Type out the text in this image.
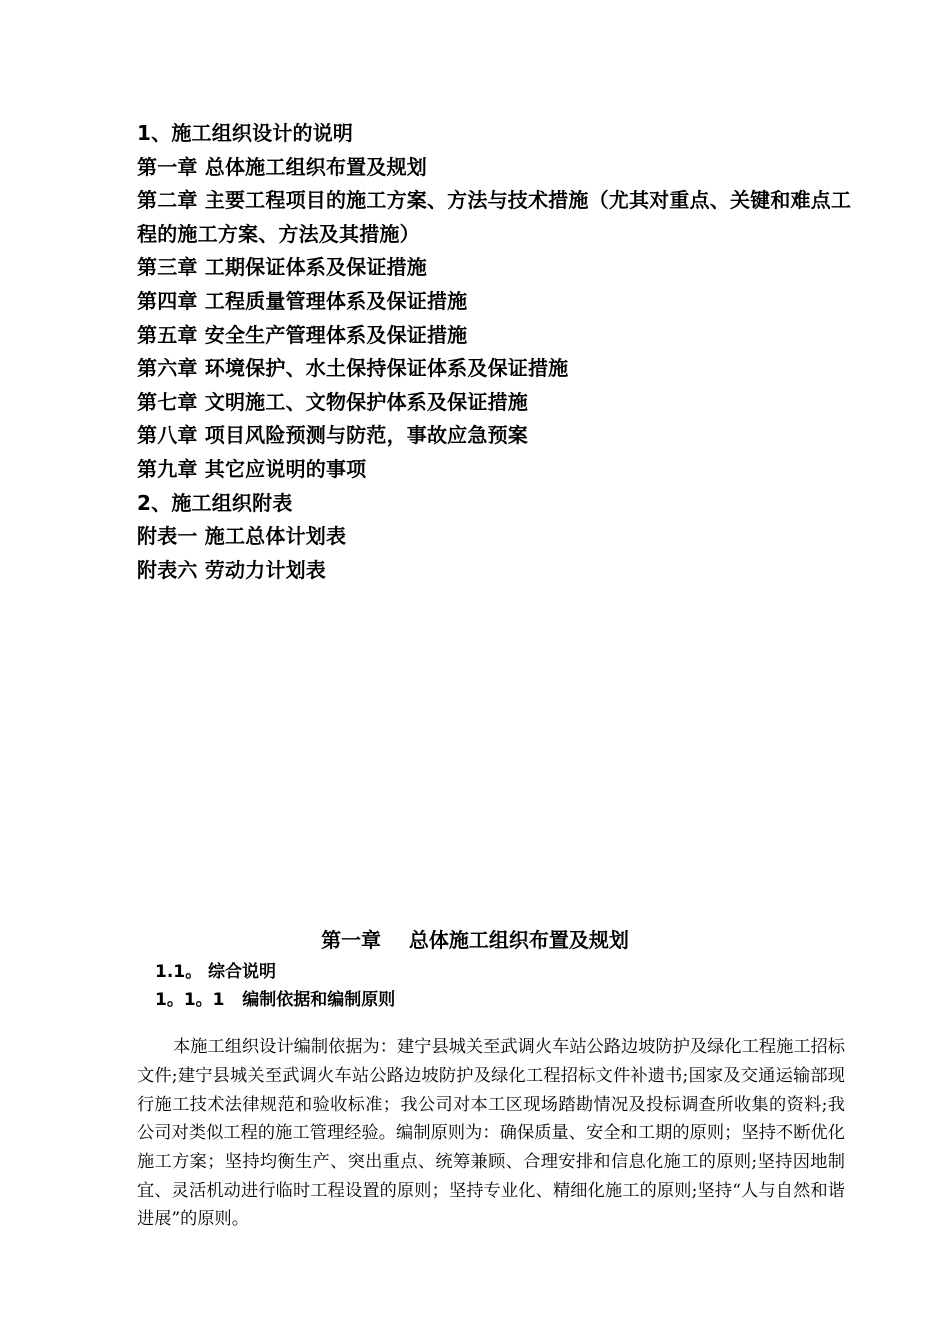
1、施工组织设计的说明
第一章 总体施工组织布置及规划
第二章 主要工程项目的施工方案、方法与技术措施（尤其对重点、关键和难点工程的施工方案、方法及其措施）
第三章 工期保证体系及保证措施
第四章 工程质量管理体系及保证措施
第五章 安全生产管理体系及保证措施
第六章 环境保护、水土保持保证体系及保证措施
第七章 文明施工、文物保护体系及保证措施
第八章 项目风险预测与防范，事故应急预案
第九章 其它应说明的事项
2、施工组织附表
附表一 施工总体计划表
附表六 劳动力计划表
第一章    总体施工组织布置及规划
1.1。 综合说明
1。1。1   编制依据和编制原则

本施工组织设计编制依据为：建宁县城关至武调火车站公路边坡防护及绿化工程施工招标文件;建宁县城关至武调火车站公路边坡防护及绿化工程招标文件补遗书;国家及交通运输部现行施工技术法律规范和验收标准；我公司对本工区现场踏勘情况及投标调查所收集的资料;我公司对类似工程的施工管理经验。编制原则为：确保质量、安全和工期的原则；坚持不断优化施工方案；坚持均衡生产、突出重点、统筹兼顾、合理安排和信息化施工的原则;坚持因地制宜、灵活机动进行临时工程设置的原则；坚持专业化、精细化施工的原则;坚持“人与自然和谐进展”的原则。
